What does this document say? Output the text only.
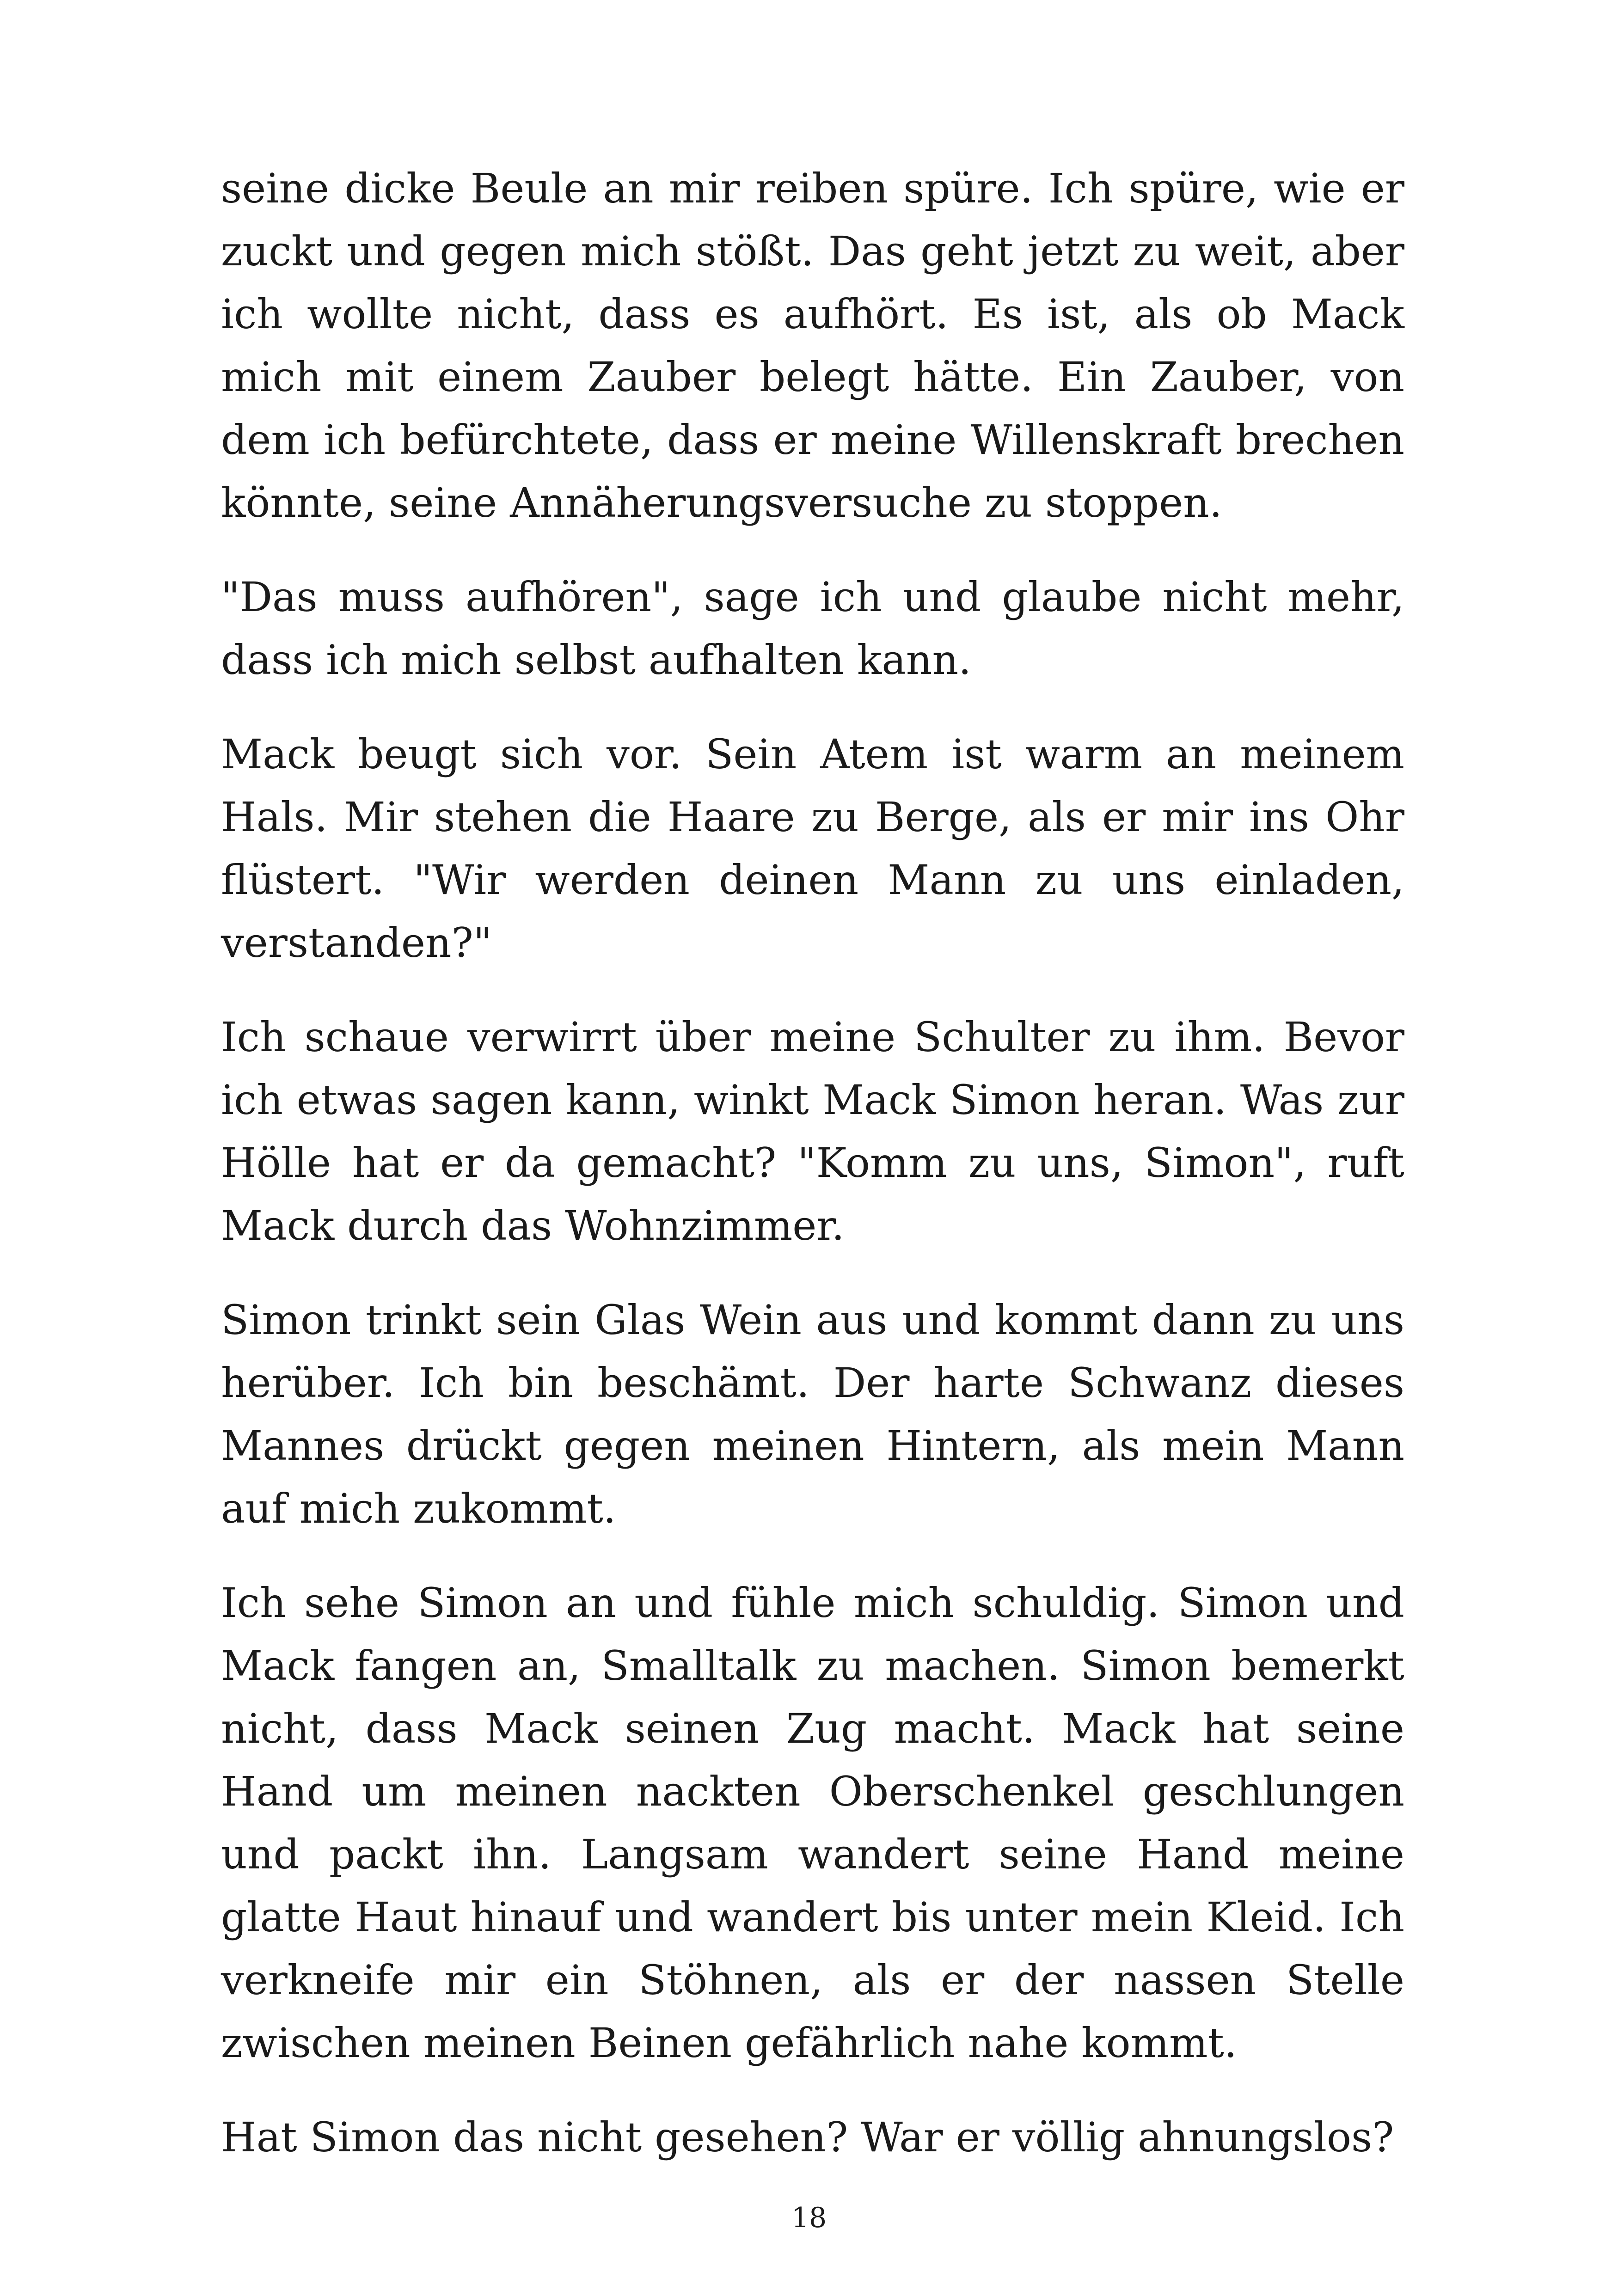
seine dicke Beule an mir reiben spüre. Ich spüre, wie er zuckt und gegen mich stößt. Das geht jetzt zu weit, aber ich wollte nicht, dass es aufhört. Es ist, als ob Mack mich mit einem Zauber belegt hätte. Ein Zauber, von dem ich befürchtete, dass er meine Willenskraft brechen könnte, seine Annäherungsversuche zu stoppen.

"Das muss aufhören", sage ich und glaube nicht mehr, dass ich mich selbst aufhalten kann.

Mack beugt sich vor. Sein Atem ist warm an meinem Hals. Mir stehen die Haare zu Berge, als er mir ins Ohr flüstert. "Wir werden deinen Mann zu uns einladen, verstanden?"

Ich schaue verwirrt über meine Schulter zu ihm. Bevor ich etwas sagen kann, winkt Mack Simon heran. Was zur Hölle hat er da gemacht? "Komm zu uns, Simon", ruft Mack durch das Wohnzimmer.

Simon trinkt sein Glas Wein aus und kommt dann zu uns herüber. Ich bin beschämt. Der harte Schwanz dieses Mannes drückt gegen meinen Hintern, als mein Mann auf mich zukommt.

Ich sehe Simon an und fühle mich schuldig. Simon und Mack fangen an, Smalltalk zu machen. Simon bemerkt nicht, dass Mack seinen Zug macht. Mack hat seine Hand um meinen nackten Oberschenkel geschlungen und packt ihn. Langsam wandert seine Hand meine glatte Haut hinauf und wandert bis unter mein Kleid. Ich verkneife mir ein Stöhnen, als er der nassen Stelle zwischen meinen Beinen gefährlich nahe kommt.

Hat Simon das nicht gesehen? War er völlig ahnungslos?

18
